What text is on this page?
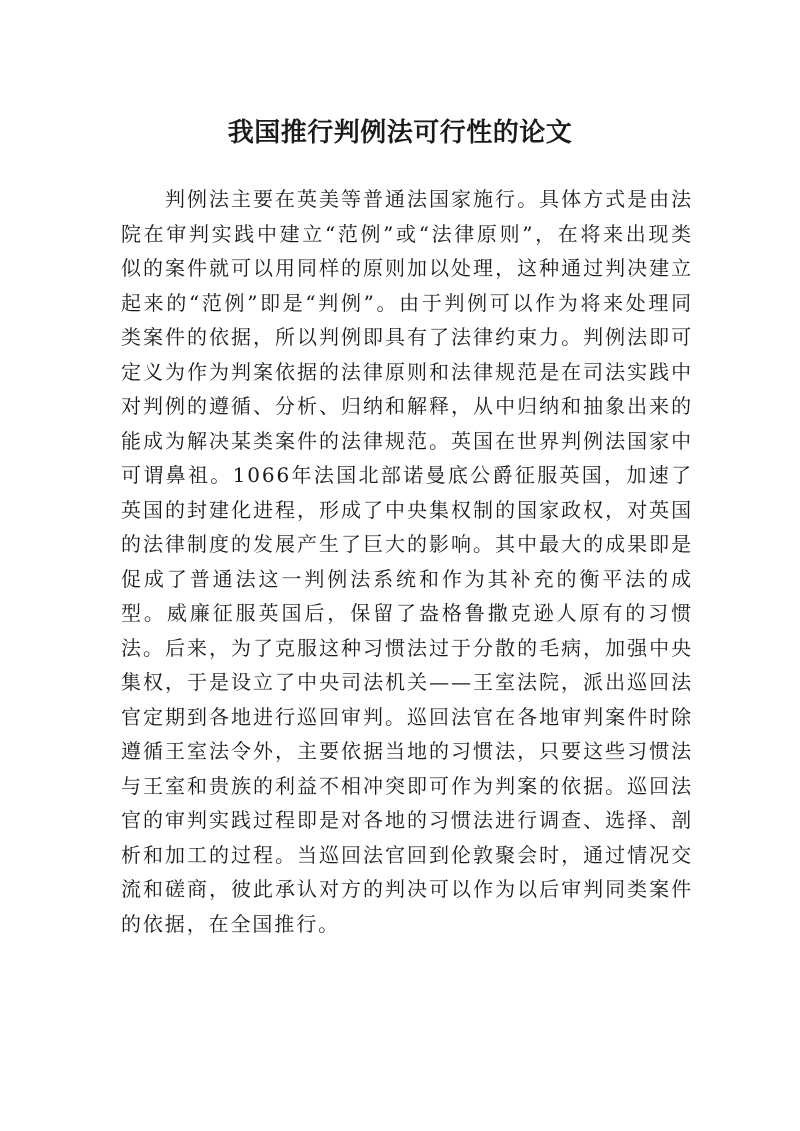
我国推行判例法可行性的论文

判例法主要在英美等普通法国家施行。具体方式是由法院在审判实践中建立“范例”或“法律原则”，在将来出现类似的案件就可以用同样的原则加以处理，这种通过判决建立起来的“范例”即是“判例”。由于判例可以作为将来处理同类案件的依据，所以判例即具有了法律约束力。判例法即可定义为作为判案依据的法律原则和法律规范是在司法实践中对判例的遵循、分析、归纳和解释，从中归纳和抽象出来的能成为解决某类案件的法律规范。英国在世界判例法国家中可谓鼻祖。1066年法国北部诺曼底公爵征服英国，加速了英国的封建化进程，形成了中央集权制的国家政权，对英国的法律制度的发展产生了巨大的影响。其中最大的成果即是促成了普通法这一判例法系统和作为其补充的衡平法的成型。威廉征服英国后，保留了盎格鲁撒克逊人原有的习惯法。后来，为了克服这种习惯法过于分散的毛病，加强中央集权，于是设立了中央司法机关——王室法院，派出巡回法官定期到各地进行巡回审判。巡回法官在各地审判案件时除遵循王室法令外，主要依据当地的习惯法，只要这些习惯法与王室和贵族的利益不相冲突即可作为判案的依据。巡回法官的审判实践过程即是对各地的习惯法进行调查、选择、剖析和加工的过程。当巡回法官回到伦敦聚会时，通过情况交流和磋商，彼此承认对方的判决可以作为以后审判同类案件的依据，在全国推行。
